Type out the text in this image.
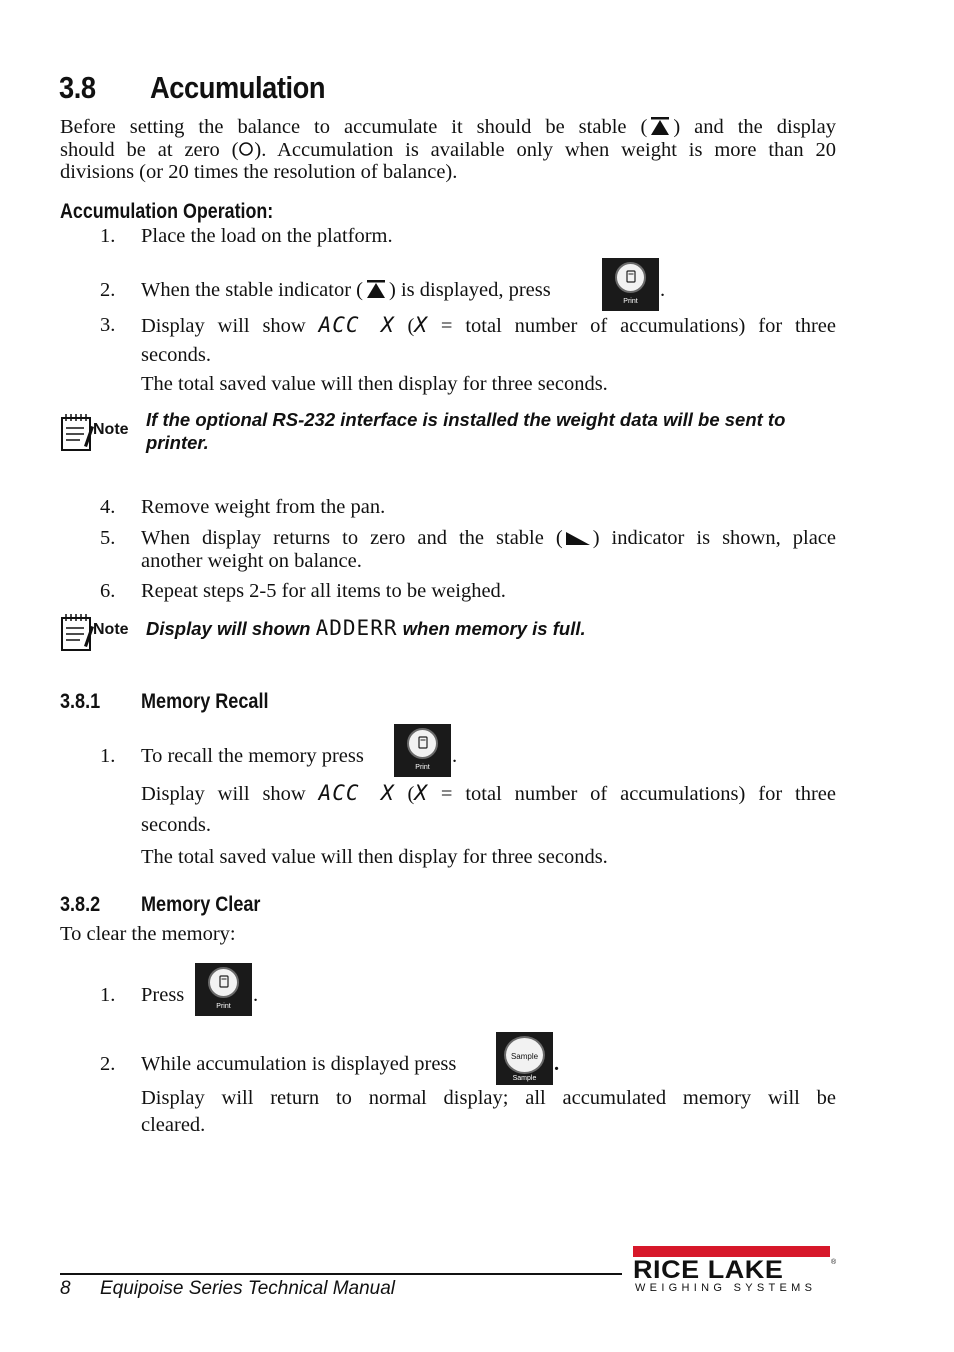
3.8 Accumulation
Before setting the balance to accumulate it should be stable ( ) and the display
should be at zero ( ). Accumulation is available only when weight is more than 20
divisions (or 20 times the resolution of balance).
Accumulation Operation:
1. Place the load on the platform.
2. When the stable indicator ( ) is displayed, press
Print
.
3. Display will show ACC X (X = total number of accumulations) for three
seconds.
The total saved value will then display for three seconds.
Note If the optional RS-232 interface is installed the weight data will be sent to printer.
4. Remove weight from the pan.
5. When display returns to zero and the stable ( ) indicator is shown, place
another weight on balance.
6. Repeat steps 2-5 for all items to be weighed.
Note Display will shown ADDERR when memory is full.
3.8.1 Memory Recall
1. To recall the memory press
Print
.
Display will show ACC X (X = total number of accumulations) for three
seconds.
The total saved value will then display for three seconds.
3.8.2 Memory Clear
To clear the memory:
1. Press
Print
.
2. While accumulation is displayed press	Sample
Sample
.
Display will return to normal display; all accumulated memory will be
cleared.
8 Equipoise Series Technical Manual
RICE LAKE	®
WEIGHING SYSTEMS
